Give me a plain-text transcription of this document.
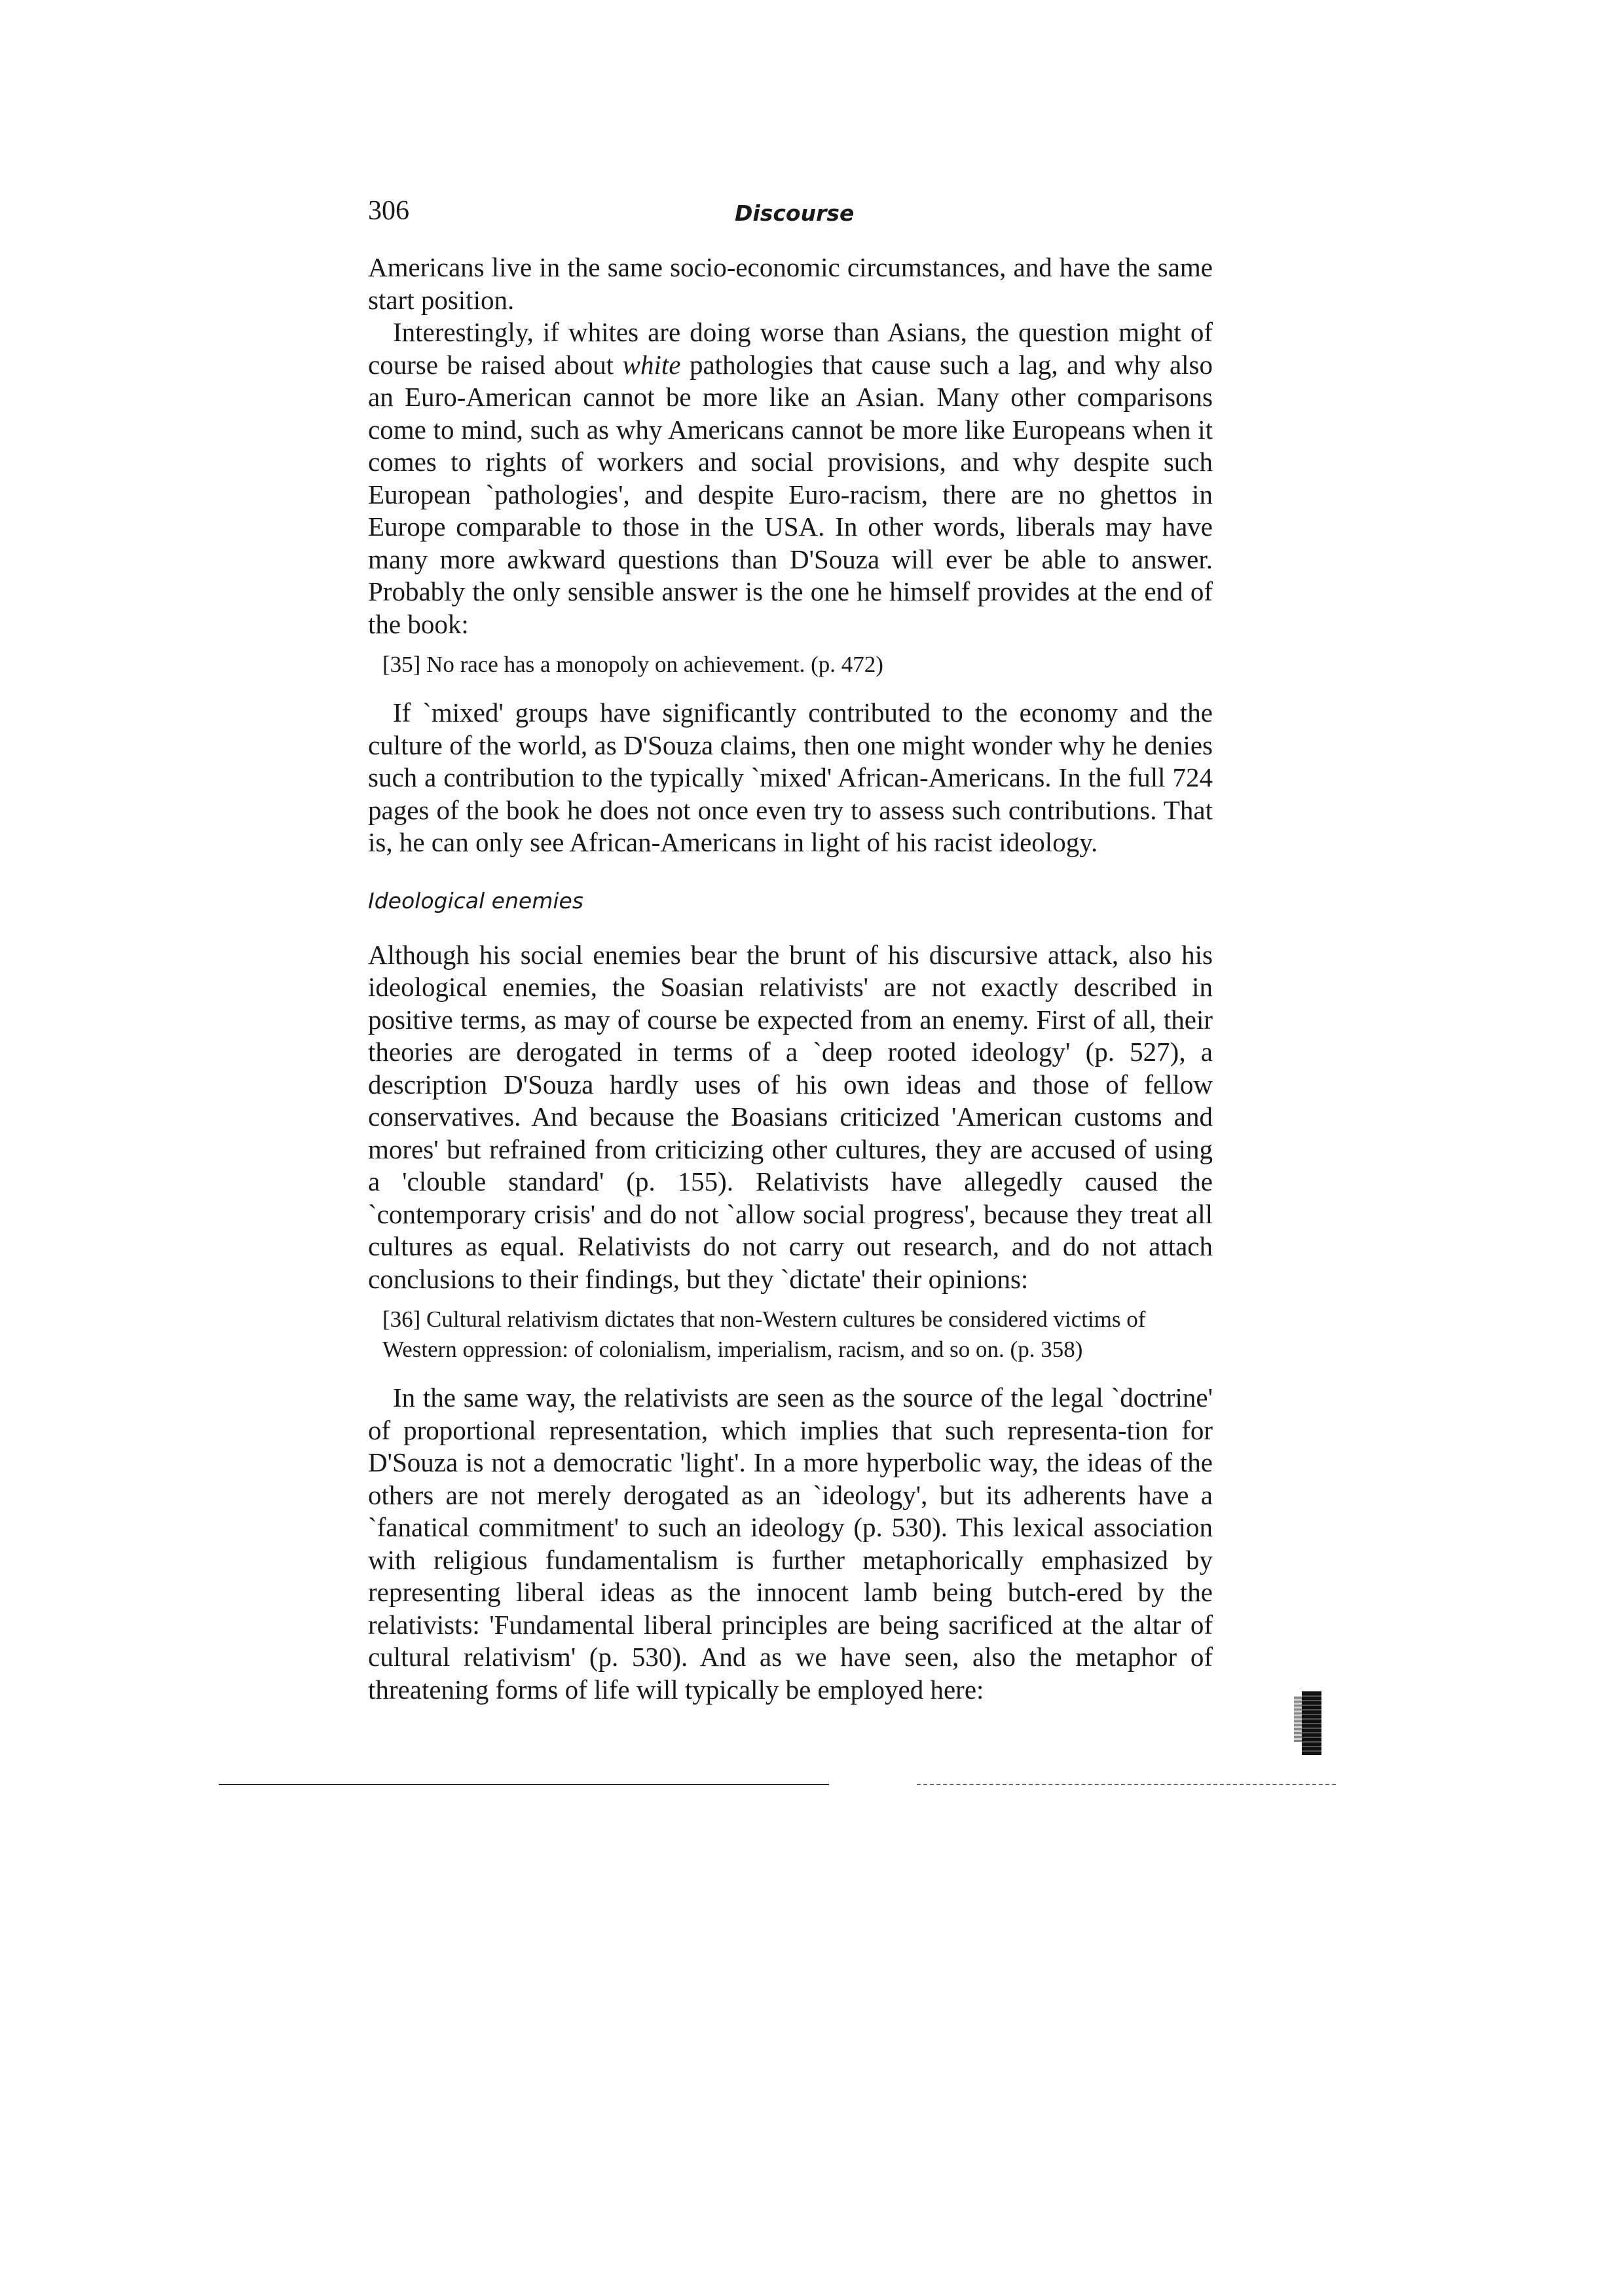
306	Discourse

Americans live in the same socio-economic circumstances, and have the same start position.

Interestingly, if whites are doing worse than Asians, the question might of course be raised about white pathologies that cause such a lag, and why also an Euro-American cannot be more like an Asian. Many other comparisons come to mind, such as why Americans cannot be more like Europeans when it comes to rights of workers and social provisions, and why despite such European `pathologies', and despite Euro-racism, there are no ghettos in Europe comparable to those in the USA. In other words, liberals may have many more awkward questions than D'Souza will ever be able to answer. Probably the only sensible answer is the one he himself provides at the end of the book:

[35] No race has a monopoly on achievement. (p. 472)

If `mixed' groups have significantly contributed to the economy and the culture of the world, as D'Souza claims, then one might wonder why he denies such a contribution to the typically `mixed' African-Americans. In the full 724 pages of the book he does not once even try to assess such contributions. That is, he can only see African-Americans in light of his racist ideology.

Ideological enemies

Although his social enemies bear the brunt of his discursive attack, also his ideological enemies, the Soasian relativists' are not exactly described in positive terms, as may of course be expected from an enemy. First of all, their theories are derogated in terms of a `deep rooted ideology' (p. 527), a description D'Souza hardly uses of his own ideas and those of fellow conservatives. And because the Boasians criticized 'American customs and mores' but refrained from criticizing other cultures, they are accused of using a 'clouble standard' (p. 155). Relativists have allegedly caused the `contemporary crisis' and do not `allow social progress', because they treat all cultures as equal. Relativists do not carry out research, and do not attach conclusions to their findings, but they `dictate' their opinions:

[36] Cultural relativism dictates that non-Western cultures be considered victims of Western oppression: of colonialism, imperialism, racism, and so on. (p. 358)

In the same way, the relativists are seen as the source of the legal `doctrine' of proportional representation, which implies that such representa-tion for D'Souza is not a democratic 'light'. In a more hyperbolic way, the ideas of the others are not merely derogated as an `ideology', but its adherents have a `fanatical commitment' to such an ideology (p. 530). This lexical association with religious fundamentalism is further metaphorically emphasized by representing liberal ideas as the innocent lamb being butch-ered by the relativists: 'Fundamental liberal principles are being sacrificed at the altar of cultural relativism' (p. 530). And as we have seen, also the metaphor of threatening forms of life will typically be employed here:
